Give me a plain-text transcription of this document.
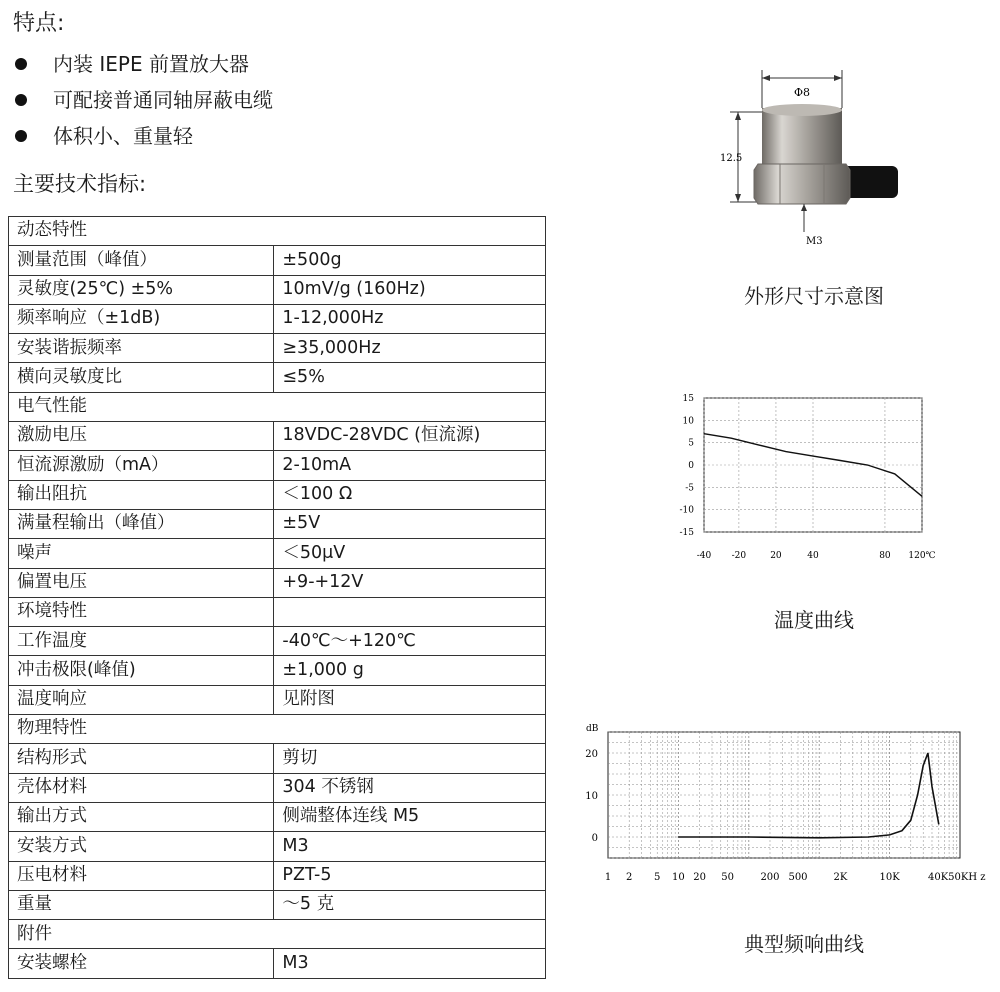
特点:
内装 IEPE 前置放大器
可配接普通同轴屏蔽电缆
体积小、重量轻
主要技术指标:
动态特性	
测量范围（峰值）	±500g
灵敏度(25℃) ±5%	10mV/g (160Hz)
频率响应（±1dB)	1-12,000Hz
安装谐振频率	≥35,000Hz
横向灵敏度比	≤5%
电气性能	
激励电压	18VDC-28VDC (恒流源)
恒流源激励（mA）	2-10mA
输出阻抗	＜100 Ω
满量程输出（峰值）	±5V
噪声	＜50μV
偏置电压	+9-+12V
环境特性	
工作温度	-40℃～+120℃
冲击极限(峰值)	±1,000 g
温度响应	见附图
物理特性	
结构形式	剪切
壳体材料	304 不锈钢
输出方式	侧端整体连线 M5
安装方式	M3
压电材料	PZT-5
重量	～5 克
附件	
安装螺栓	M3
Φ8
12.5
M3
外形尺寸示意图
15
10
5
0
-5
-10
-15
-40 -20	20	40	80 120℃
温度曲线
20
10
0
dB
1 2 5 10 20 50	200 500	2K	10K	40K50KH z
典型频响曲线
